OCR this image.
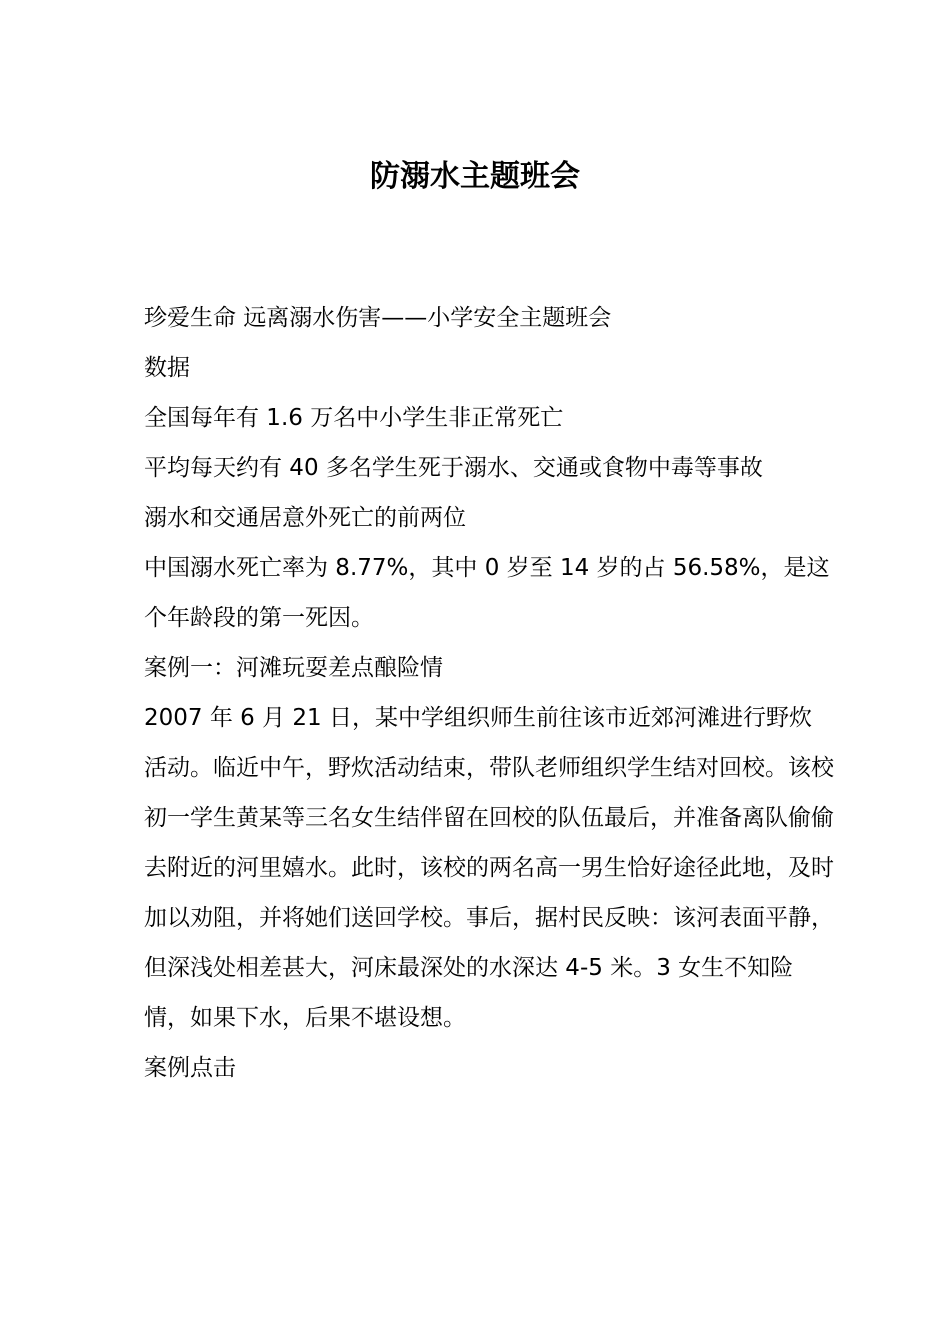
防溺水主题班会

珍爱生命 远离溺水伤害——小学安全主题班会

数据

全国每年有 1.6 万名中小学生非正常死亡

平均每天约有 40 多名学生死于溺水、交通或食物中毒等事故

溺水和交通居意外死亡的前两位

中国溺水死亡率为 8.77%，其中 0 岁至 14 岁的占 56.58%，是这个年龄段的第一死因。

案例一：河滩玩耍差点酿险情

2007 年 6 月 21 日，某中学组织师生前往该市近郊河滩进行野炊活动。临近中午，野炊活动结束，带队老师组织学生结对回校。该校初一学生黄某等三名女生结伴留在回校的队伍最后，并准备离队偷偷去附近的河里嬉水。此时，该校的两名高一男生恰好途径此地，及时加以劝阻，并将她们送回学校。事后，据村民反映：该河表面平静，但深浅处相差甚大，河床最深处的水深达 4-5 米。3 女生不知险情，如果下水，后果不堪设想。

案例点击
